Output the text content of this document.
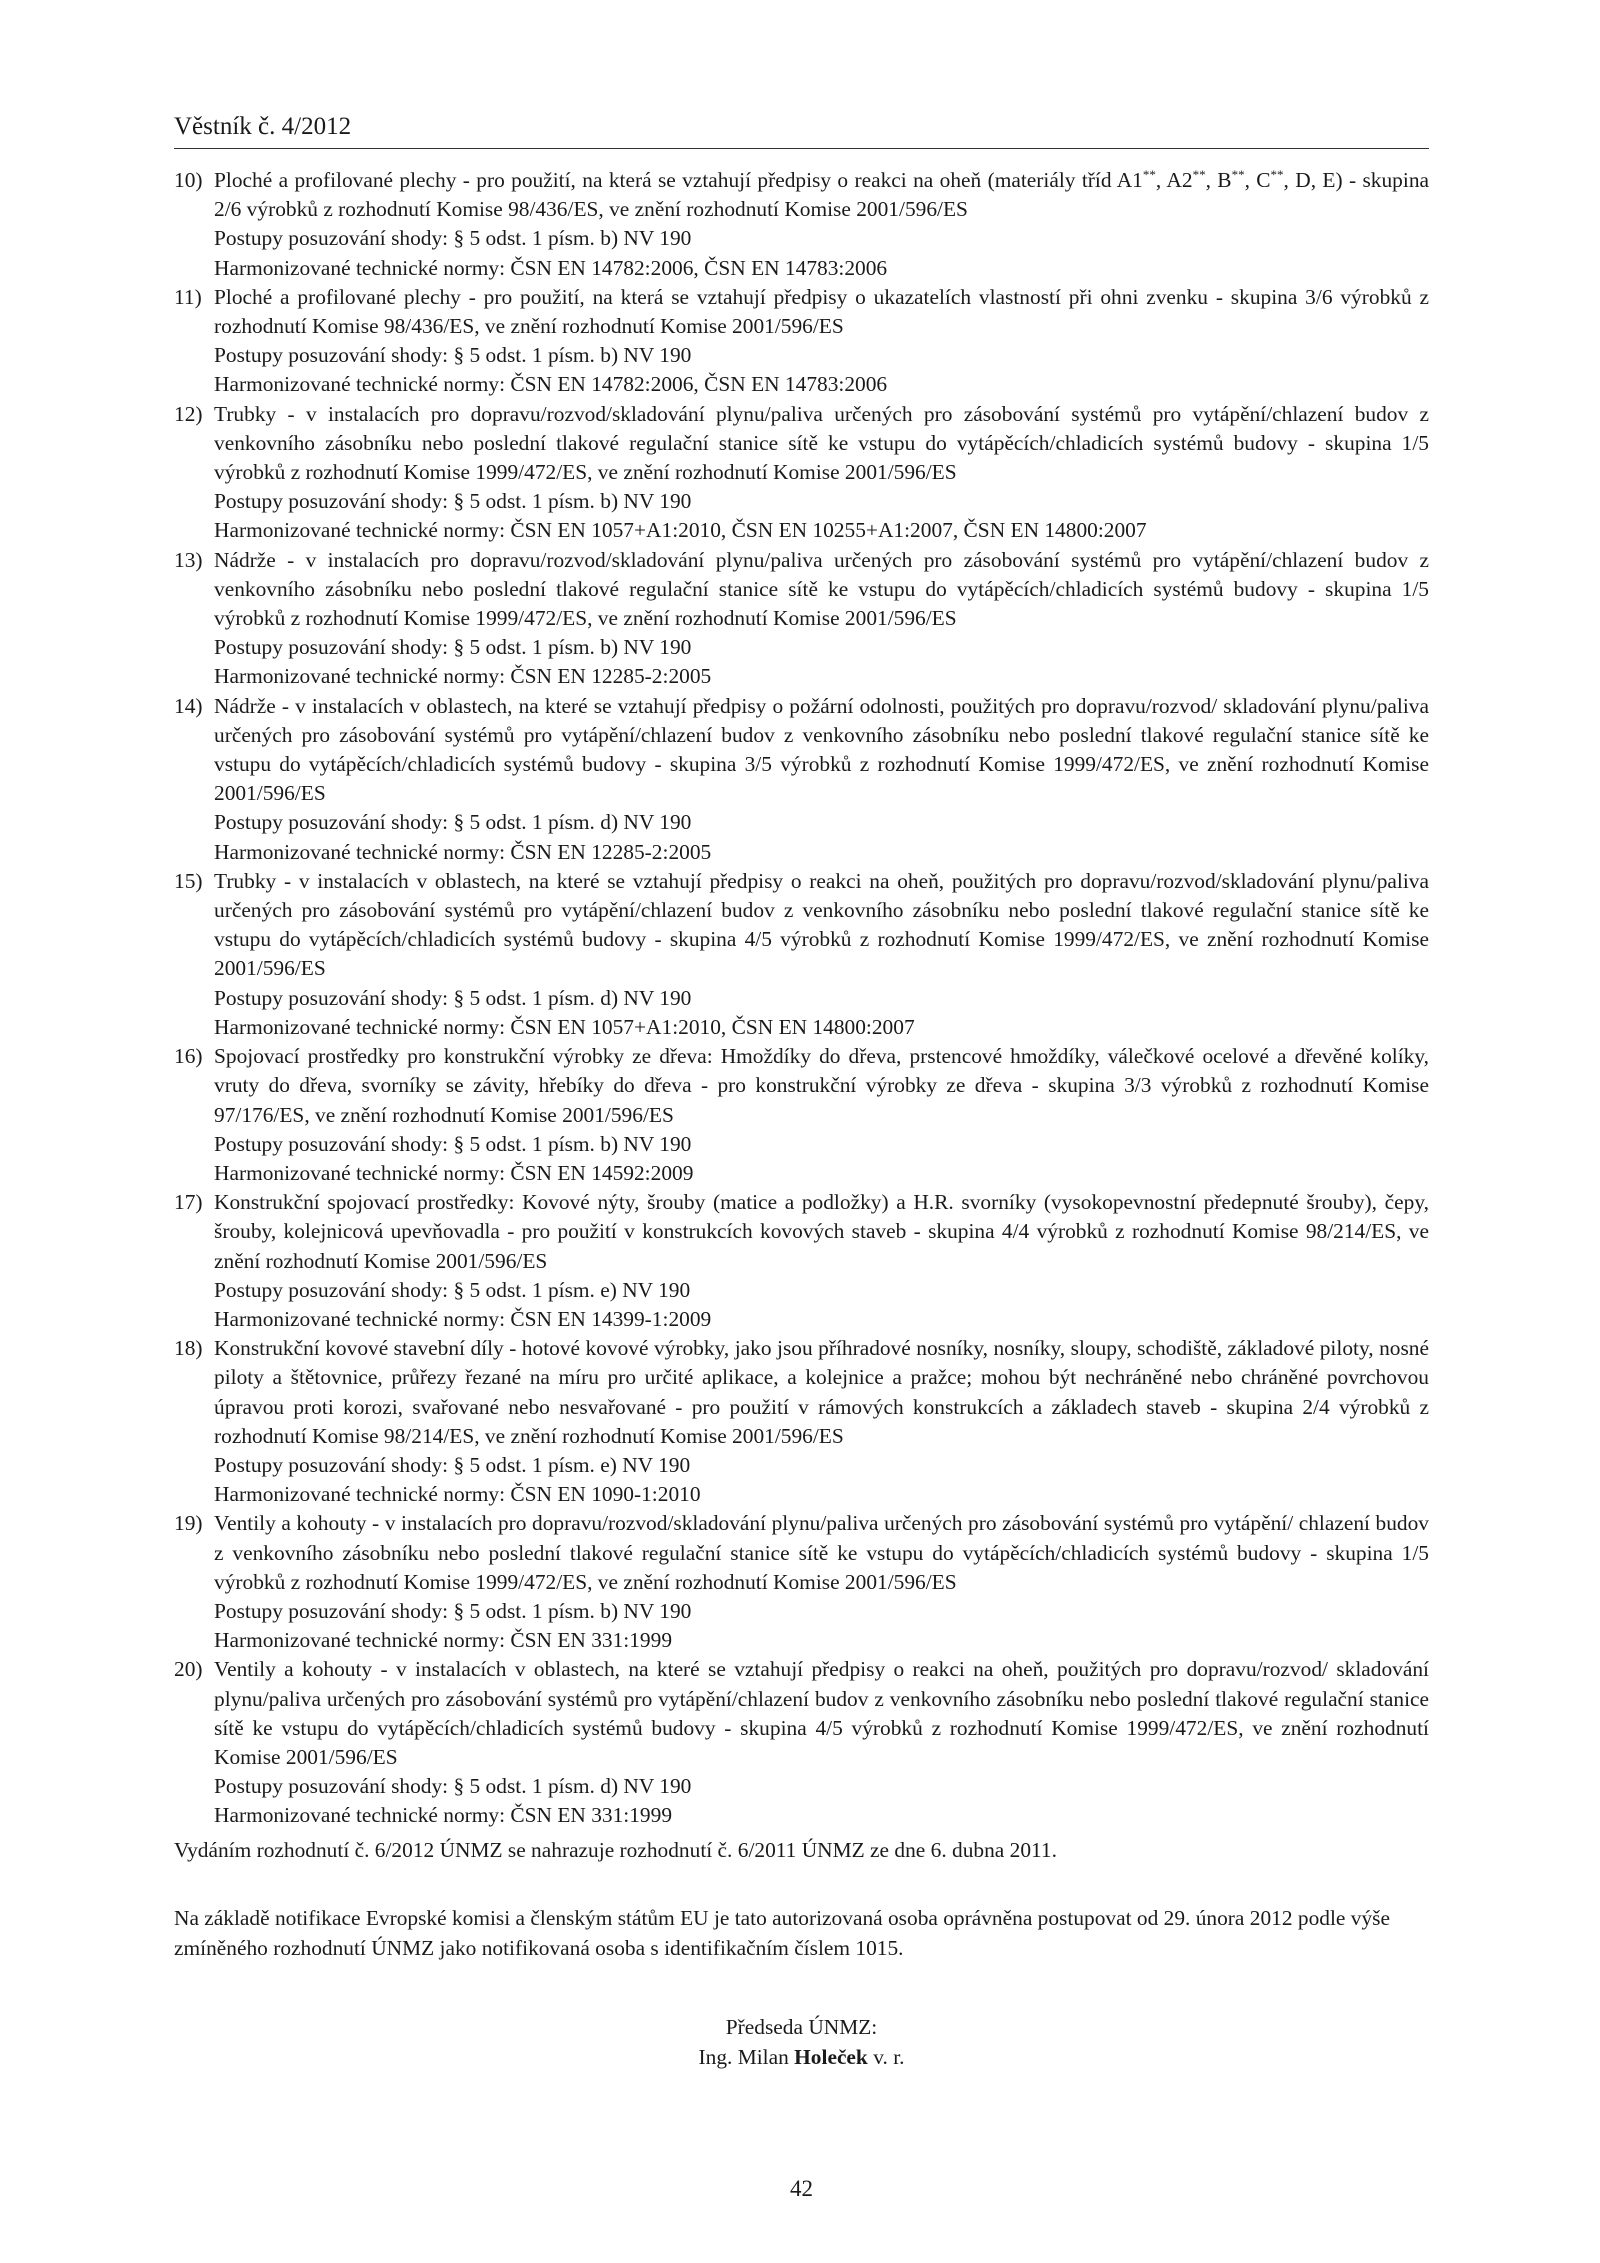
Věstník č. 4/2012
10) Ploché a profilované plechy - pro použití, na která se vztahují předpisy o reakci na oheň (materiály tříd A1**, A2**, B**, C**, D, E) - skupina 2/6 výrobků z rozhodnutí Komise 98/436/ES, ve znění rozhodnutí Komise 2001/596/ES
Postupy posuzování shody: § 5 odst. 1 písm. b) NV 190
Harmonizované technické normy: ČSN EN 14782:2006, ČSN EN 14783:2006
11) Ploché a profilované plechy - pro použití, na která se vztahují předpisy o ukazatelích vlastností při ohni zvenku - skupina 3/6 výrobků z rozhodnutí Komise 98/436/ES, ve znění rozhodnutí Komise 2001/596/ES
Postupy posuzování shody: § 5 odst. 1 písm. b) NV 190
Harmonizované technické normy: ČSN EN 14782:2006, ČSN EN 14783:2006
12) Trubky - v instalacích pro dopravu/rozvod/skladování plynu/paliva určených pro zásobování systémů pro vytápění/chlazení budov z venkovního zásobníku nebo poslední tlakové regulační stanice sítě ke vstupu do vytápěcích/chladicích systémů budovy - skupina 1/5 výrobků z rozhodnutí Komise 1999/472/ES, ve znění rozhodnutí Komise 2001/596/ES
Postupy posuzování shody: § 5 odst. 1 písm. b) NV 190
Harmonizované technické normy: ČSN EN 1057+A1:2010, ČSN EN 10255+A1:2007, ČSN EN 14800:2007
13) Nádrže - v instalacích pro dopravu/rozvod/skladování plynu/paliva určených pro zásobování systémů pro vytápění/chlazení budov z venkovního zásobníku nebo poslední tlakové regulační stanice sítě ke vstupu do vytápěcích/chladicích systémů budovy - skupina 1/5 výrobků z rozhodnutí Komise 1999/472/ES, ve znění rozhodnutí Komise 2001/596/ES
Postupy posuzování shody: § 5 odst. 1 písm. b) NV 190
Harmonizované technické normy: ČSN EN 12285-2:2005
14) Nádrže - v instalacích v oblastech, na které se vztahují předpisy o požární odolnosti, použitých pro dopravu/rozvod/ skladování plynu/paliva určených pro zásobování systémů pro vytápění/chlazení budov z venkovního zásobníku nebo poslední tlakové regulační stanice sítě ke vstupu do vytápěcích/chladicích systémů budovy - skupina 3/5 výrobků z rozhodnutí Komise 1999/472/ES, ve znění rozhodnutí Komise 2001/596/ES
Postupy posuzování shody: § 5 odst. 1 písm. d) NV 190
Harmonizované technické normy: ČSN EN 12285-2:2005
15) Trubky - v instalacích v oblastech, na které se vztahují předpisy o reakci na oheň, použitých pro dopravu/rozvod/skladování plynu/paliva určených pro zásobování systémů pro vytápění/chlazení budov z venkovního zásobníku nebo poslední tlakové regulační stanice sítě ke vstupu do vytápěcích/chladicích systémů budovy - skupina 4/5 výrobků z rozhodnutí Komise 1999/472/ES, ve znění rozhodnutí Komise 2001/596/ES
Postupy posuzování shody: § 5 odst. 1 písm. d) NV 190
Harmonizované technické normy: ČSN EN 1057+A1:2010, ČSN EN 14800:2007
16) Spojovací prostředky pro konstrukční výrobky ze dřeva: Hmoždíky do dřeva, prstencové hmoždíky, válečkové ocelové a dřevěné kolíky, vruty do dřeva, svorníky se závity, hřebíky do dřeva - pro konstrukční výrobky ze dřeva - skupina 3/3 výrobků z rozhodnutí Komise 97/176/ES, ve znění rozhodnutí Komise 2001/596/ES
Postupy posuzování shody: § 5 odst. 1 písm. b) NV 190
Harmonizované technické normy: ČSN EN 14592:2009
17) Konstrukční spojovací prostředky: Kovové nýty, šrouby (matice a podložky) a H.R. svorníky (vysokopevnostní předepnuté šrouby), čepy, šrouby, kolejnicová upevňovadla - pro použití v konstrukcích kovových staveb - skupina 4/4 výrobků z rozhodnutí Komise 98/214/ES, ve znění rozhodnutí Komise 2001/596/ES
Postupy posuzování shody: § 5 odst. 1 písm. e) NV 190
Harmonizované technické normy: ČSN EN 14399-1:2009
18) Konstrukční kovové stavební díly - hotové kovové výrobky, jako jsou příhradové nosníky, nosníky, sloupy, schodiště, základové piloty, nosné piloty a štětovnice, průřezy řezané na míru pro určité aplikace, a kolejnice a pražce; mohou být nechráněné nebo chráněné povrchovou úpravou proti korozi, svařované nebo nesvařované - pro použití v rámových konstrukcích a základech staveb - skupina 2/4 výrobků z rozhodnutí Komise 98/214/ES, ve znění rozhodnutí Komise 2001/596/ES
Postupy posuzování shody: § 5 odst. 1 písm. e) NV 190
Harmonizované technické normy: ČSN EN 1090-1:2010
19) Ventily a kohouty - v instalacích pro dopravu/rozvod/skladování plynu/paliva určených pro zásobování systémů pro vytápění/ chlazení budov z venkovního zásobníku nebo poslední tlakové regulační stanice sítě ke vstupu do vytápěcích/chladicích systémů budovy - skupina 1/5 výrobků z rozhodnutí Komise 1999/472/ES, ve znění rozhodnutí Komise 2001/596/ES
Postupy posuzování shody: § 5 odst. 1 písm. b) NV 190
Harmonizované technické normy: ČSN EN 331:1999
20) Ventily a kohouty - v instalacích v oblastech, na které se vztahují předpisy o reakci na oheň, použitých pro dopravu/rozvod/ skladování plynu/paliva určených pro zásobování systémů pro vytápění/chlazení budov z venkovního zásobníku nebo poslední tlakové regulační stanice sítě ke vstupu do vytápěcích/chladicích systémů budovy - skupina 4/5 výrobků z rozhodnutí Komise 1999/472/ES, ve znění rozhodnutí Komise 2001/596/ES
Postupy posuzování shody: § 5 odst. 1 písm. d) NV 190
Harmonizované technické normy: ČSN EN 331:1999
Vydáním rozhodnutí č. 6/2012 ÚNMZ se nahrazuje rozhodnutí č. 6/2011 ÚNMZ ze dne 6. dubna 2011.
Na základě notifikace Evropské komisi a členským státům EU je tato autorizovaná osoba oprávněna postupovat od 29. února 2012 podle výše zmíněného rozhodnutí ÚNMZ jako notifikovaná osoba s identifikačním číslem 1015.
Předseda ÚNMZ:
Ing. Milan Holeček v. r.
42
